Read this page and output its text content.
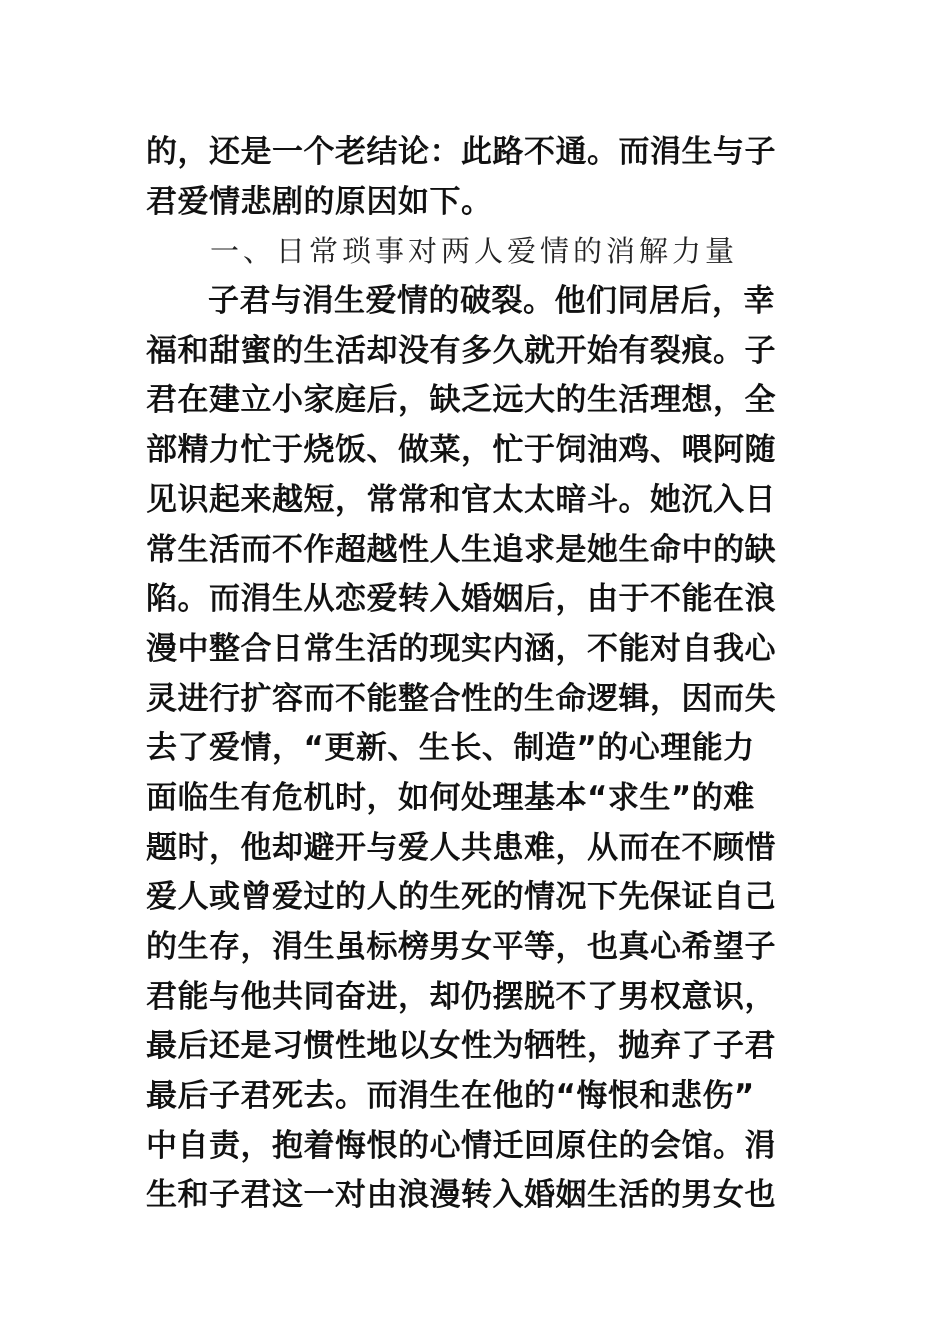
的，还是一个老结论：此路不通。而涓生与子
君爱情悲剧的原因如下。
一、日常琐事对两人爱情的消解力量
子君与涓生爱情的破裂。他们同居后，幸
福和甜蜜的生活却没有多久就开始有裂痕。子
君在建立小家庭后，缺乏远大的生活理想，全
部精力忙于烧饭、做菜，忙于饲油鸡、喂阿随
见识起来越短，常常和官太太暗斗。她沉入日
常生活而不作超越性人生追求是她生命中的缺
陷。而涓生从恋爱转入婚姻后，由于不能在浪
漫中整合日常生活的现实内涵，不能对自我心
灵进行扩容而不能整合性的生命逻辑，因而失
去了爱情，“更新、生长、制造”的心理能力
面临生有危机时，如何处理基本“求生”的难
题时，他却避开与爱人共患难，从而在不顾惜
爱人或曾爱过的人的生死的情况下先保证自己
的生存，涓生虽标榜男女平等，也真心希望子
君能与他共同奋进，却仍摆脱不了男权意识，
最后还是习惯性地以女性为牺牲，抛弃了子君
最后子君死去。而涓生在他的“悔恨和悲伤”
中自责，抱着悔恨的心情迁回原住的会馆。涓
生和子君这一对由浪漫转入婚姻生活的男女也
